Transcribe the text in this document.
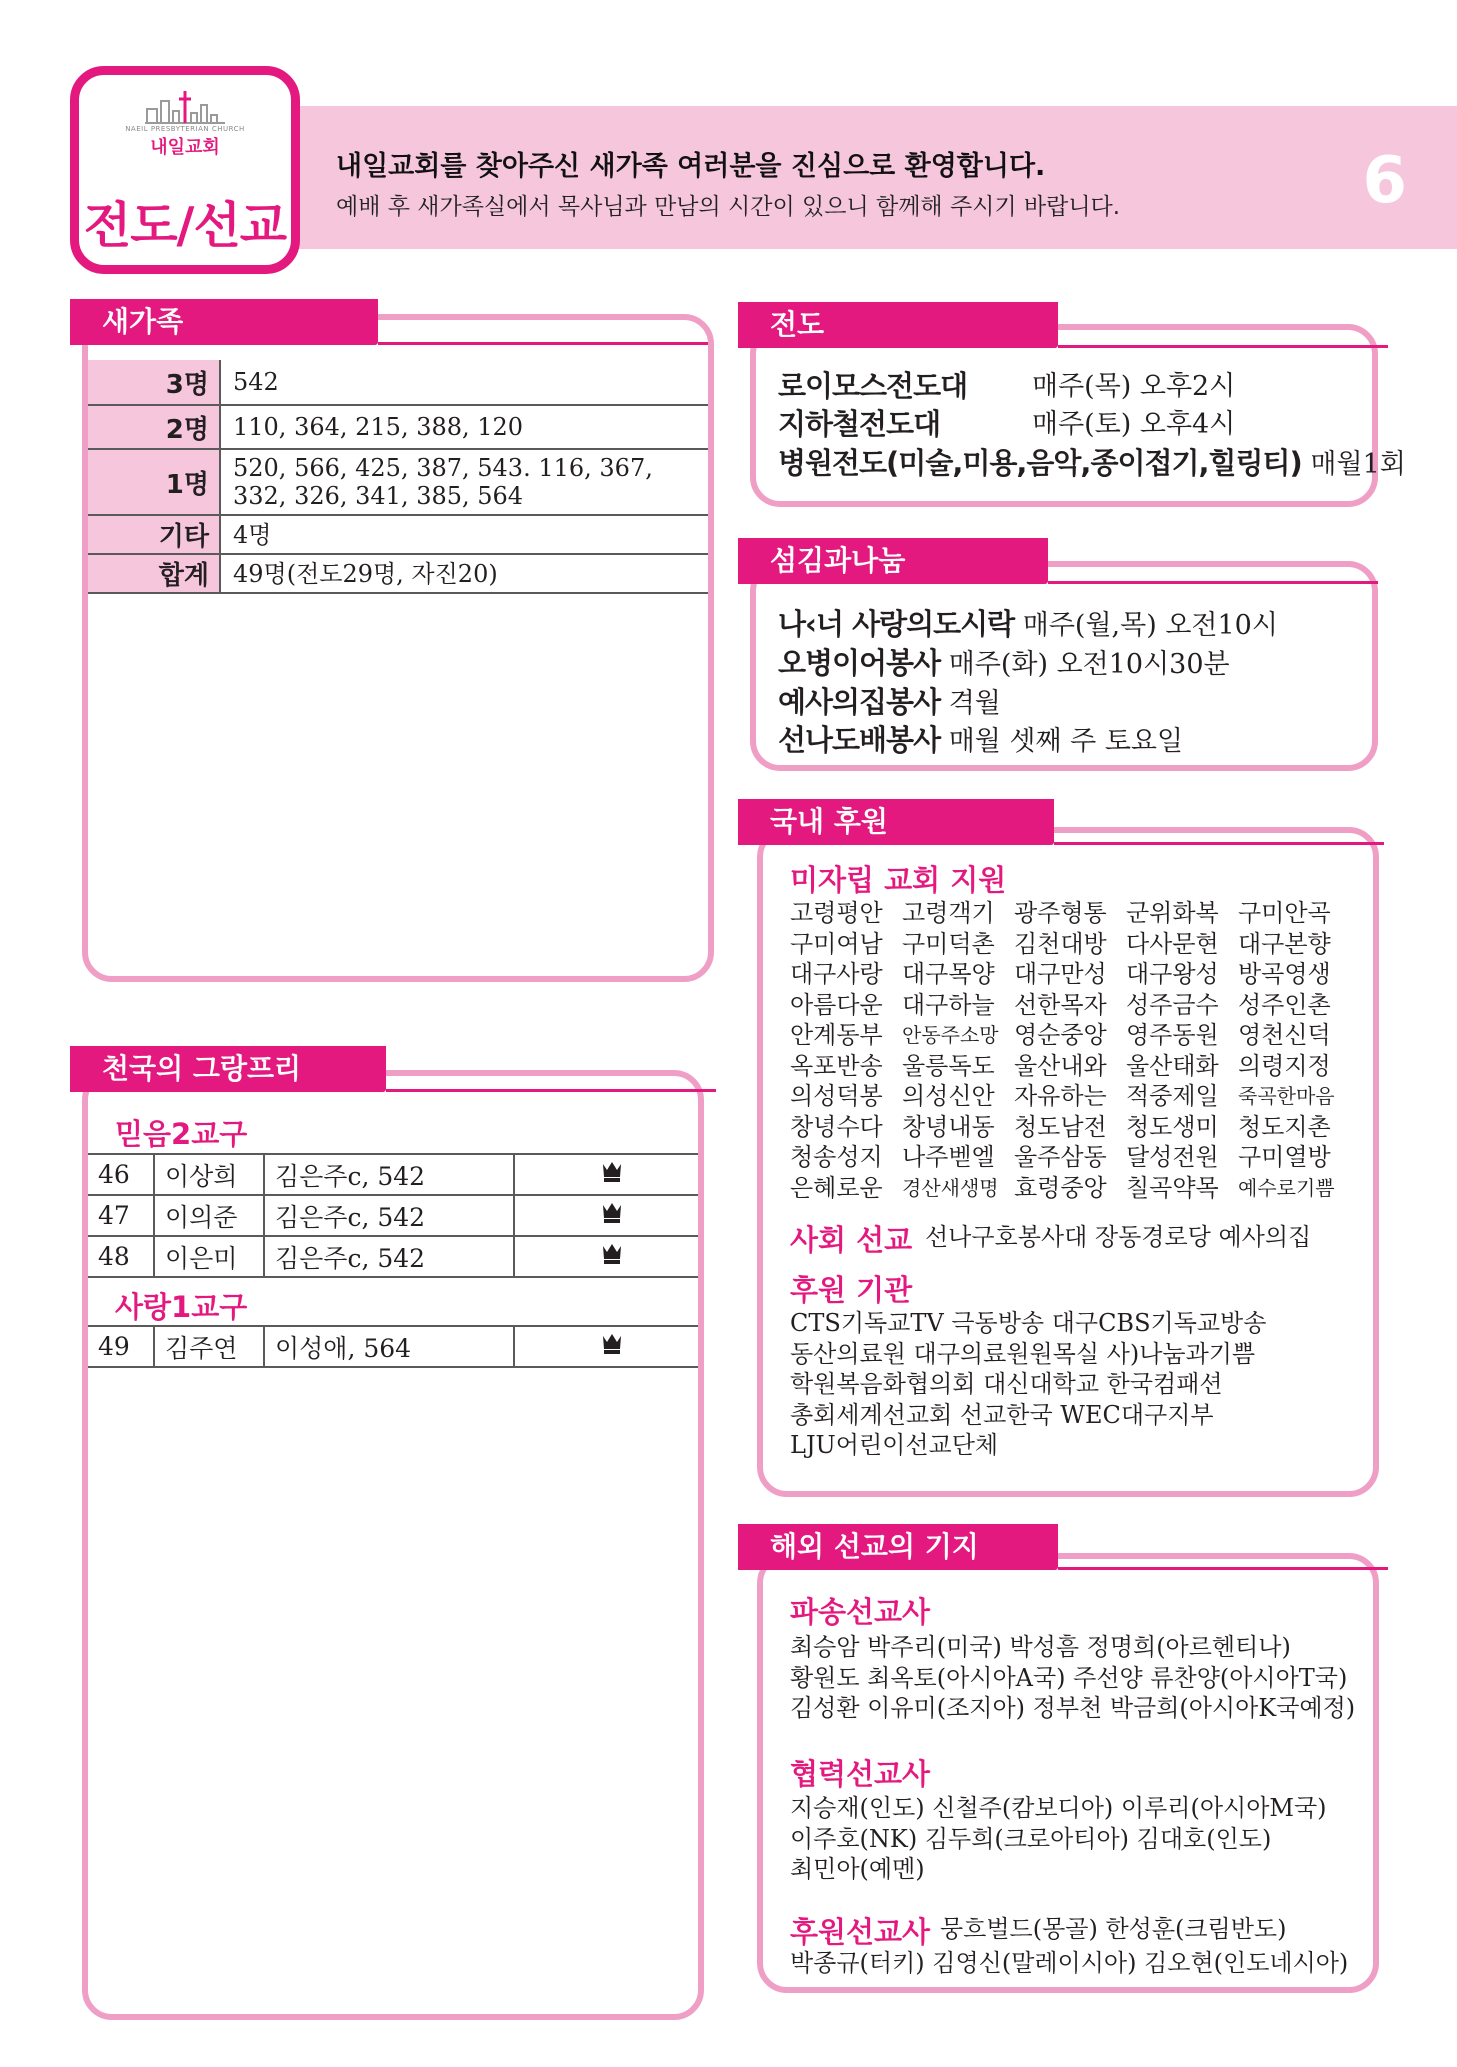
NAEIL PRESBYTERIAN CHURCH
내일교회
전도/선교
내일교회를 찾아주신 새가족 여러분을 진심으로 환영합니다.
예배 후 새가족실에서 목사님과 만남의 시간이 있으니 함께해 주시기 바랍니다.	6
새가족
3명	542
2명	110, 364, 215, 388, 120
1명	520, 566, 425, 387, 543. 116, 367,
332, 326, 341, 385, 564

기타	4명
합계	49명(전도29명, 자진20)
천국의 그랑프리
믿음2교구
46	이상희	김은주c, 542	
47	이의준	김은주c, 542	
48	이은미	김은주c, 542	
사랑1교구
49	김주연	이성애, 564	
전도
로이모스전도대 매주(목) 오후2시
지하철전도대	매주(토) 오후4시
병원전도(미술,미용,음악,종이접기,힐링티) 매월1회
섬김과나눔
나‹너 사랑의도시락 매주(월,목) 오전10시
오병이어봉사 매주(화) 오전10시30분
예사의집봉사 격월
선나도배봉사 매월 셋째 주 토요일
국내 후원
미자립 교회 지원
고령평안 고령객기 광주형통 군위화복 구미안곡
구미여남 구미덕촌 김천대방 다사문현 대구본향
대구사랑 대구목양 대구만성 대구왕성 방곡영생
아름다운 대구하늘 선한목자 성주금수 성주인촌
안계동부 안동주소망 영순중앙 영주동원 영천신덕
옥포반송 울릉독도 울산내와 울산태화 의령지정
의성덕봉 의성신안 자유하는 적중제일 죽곡한마음
창녕수다 창녕내동 청도남전 청도생미 청도지촌
청송성지 나주벧엘 울주삼동 달성전원 구미열방
은혜로운 경산새생명 효령중앙 칠곡약목 예수로기쁨
사회 선교 선나구호봉사대 장동경로당 예사의집
후원 기관
CTS기독교TV 극동방송 대구CBS기독교방송
동산의료원 대구의료원원목실 사)나눔과기쁨
학원복음화협의회 대신대학교 한국컴패션
총회세계선교회 선교한국 WEC대구지부
LJU어린이선교단체
해외 선교의 기지
파송선교사
최승암 박주리(미국) 박성흠 정명희(아르헨티나)
황원도 최옥토(아시아A국) 주선양 류찬양(아시아T국)
김성환 이유미(조지아) 정부천 박금희(아시아K국예정)
협력선교사
지승재(인도) 신철주(캄보디아) 이루리(아시아M국)
이주호(NK) 김두희(크로아티아) 김대호(인도)
최민아(예멘)
후원선교사 뭉흐벌드(몽골) 한성훈(크림반도)
박종규(터키) 김영신(말레이시아) 김오현(인도네시아)
